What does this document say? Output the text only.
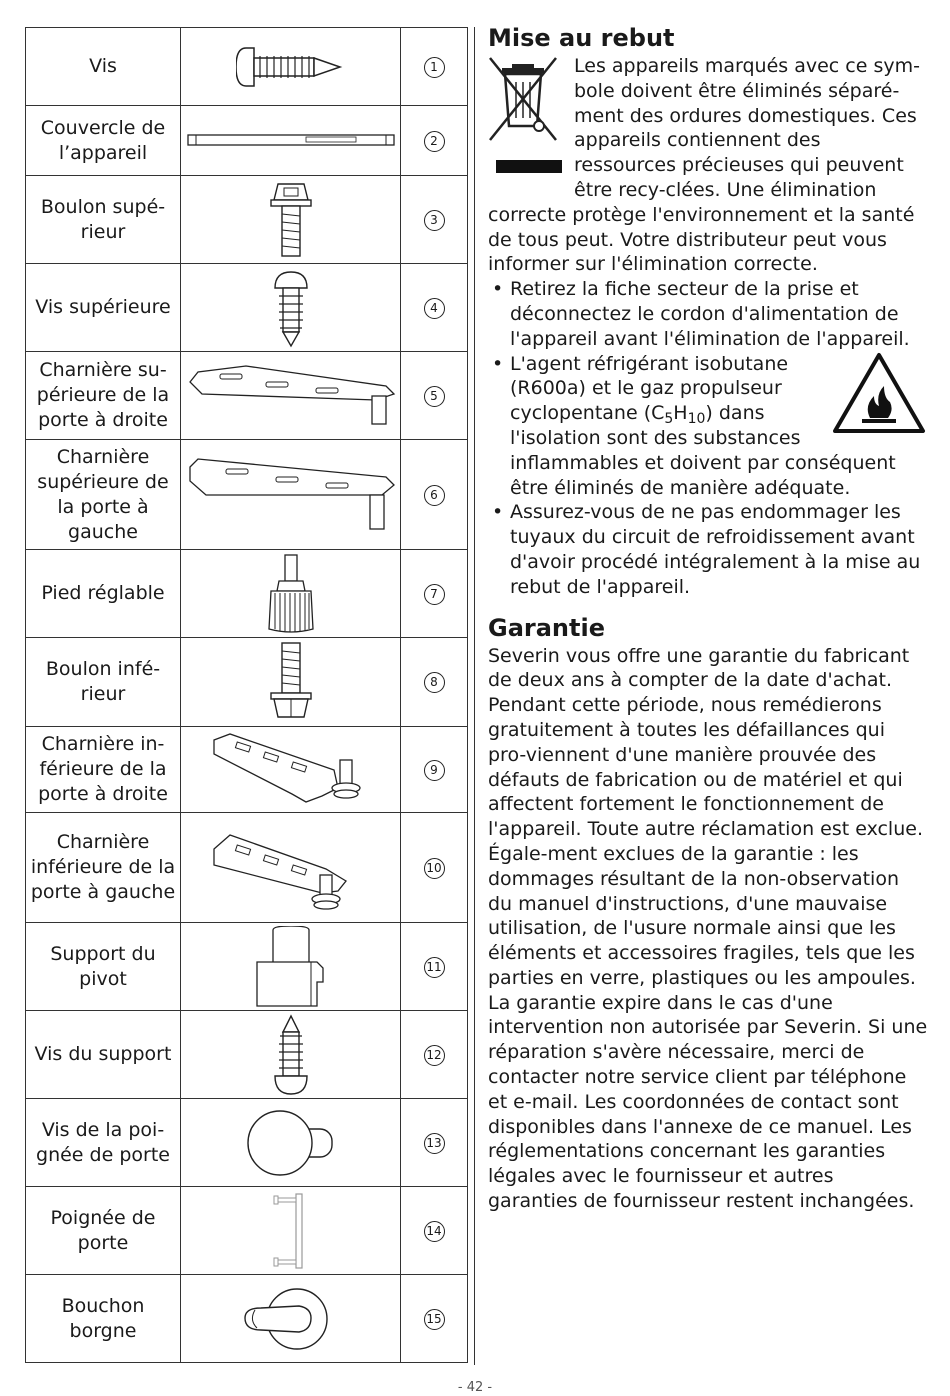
Vis		1
Couvercle de l’appareil		2
Boulon supé-rieur		3
Vis supérieure		4
Charnière su-périeure de la porte à droite		5
Charnière supérieure de la porte à gauche		6
Pied réglable		7
Boulon infé-rieur		8
Charnière in-férieure de la porte à droite		9
Charnière inférieure de la porte à gauche		10
Support du pivot		11
Vis du support		12
Vis de la poi-gnée de porte		13
Poignée de porte		14
Bouchon borgne		15
Mise au rebut

Les appareils marqués avec ce sym-bole doivent être éliminés séparé-ment des ordures domestiques. Ces appareils contiennent des ressources précieuses qui peuvent être recy-clées. Une élimination correcte protège l'environnement et la santé de tous peut. Votre distributeur peut vous informer sur l'élimination correcte.

• Retirez la fiche secteur de la prise et déconnectez le cordon d'alimentation de l'appareil avant l'élimination de l'appareil.
• L'agent réfrigérant isobutane (R600a) et le gaz propulseur cyclopentane $(C_5H_{10})$ dans l'isolation sont des substances inflammables et doivent par conséquent être éliminés de manière adéquate.
• Assurez-vous de ne pas endommager les tuyaux du circuit de refroidissement avant d'avoir procédé intégralement à la mise au rebut de l'appareil.
Garantie

Severin vous offre une garantie du fabricant de deux ans à compter de la date d'achat. Pendant cette période, nous remédierons gratuitement à toutes les défaillances qui pro-viennent d'une manière prouvée des défauts de fabrication ou de matériel et qui affectent fortement le fonctionnement de l'appareil. Toute autre réclamation est exclue. Égale-ment exclues de la garantie : les dommages résultant de la non-observation du manuel d'instructions, d'une mauvaise utilisation, de l'usure normale ainsi que les éléments et accessoires fragiles, tels que les parties en verre, plastiques ou les ampoules. La garantie expire dans le cas d'une intervention non autorisée par Severin. Si une réparation s'avère nécessaire, merci de contacter notre service client par téléphone et e-mail. Les coordonnées de contact sont disponibles dans l'annexe de ce manuel. Les réglementations concernant les garanties légales avec le fournisseur et autres garanties de fournisseur restent inchangées.

- 42 -
